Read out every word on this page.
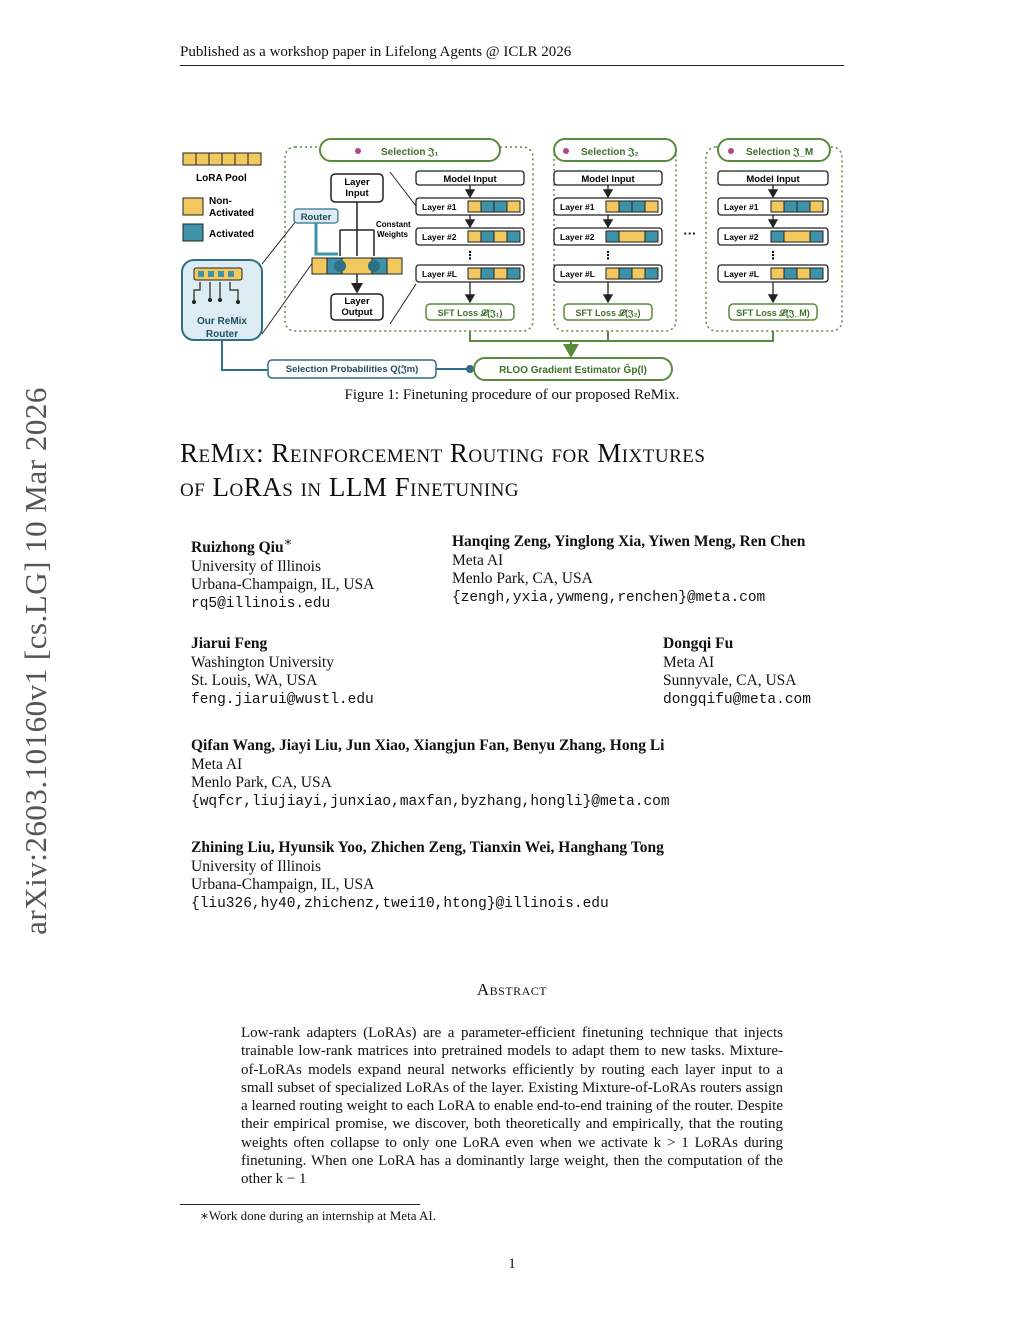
Published as a workshop paper in Lifelong Agents @ ICLR 2026
arXiv:2603.10160v1 [cs.LG] 10 Mar 2026
LoRA Pool
Non-
Activated
Activated
Our ReMix
Router
Selection 𝔍₁
Layer
Input
Router
Constant
Weights
Layer
Output
Model Input
Layer #1
Layer #2
⋮
Layer #L
SFT Loss 𝓛(𝔍₁)
Selection 𝔍₂
Model Input
Layer #1
Layer #2
⋮
Layer #L
SFT Loss 𝓛(𝔍₂)
···
Selection 𝔍_M
Model Input
Layer #1
Layer #2
⋮
Layer #L
SFT Loss 𝓛(𝔍_M)
Selection Probabilities Q(𝔍m)	RLOO Gradient Estimator Ĝp(l)
Figure 1: Finetuning procedure of our proposed ReMix.
ReMix: Reinforcement Routing for Mixtures
of LoRAs in LLM Finetuning
Ruizhong Qiu∗
University of Illinois
Urbana-Champaign, IL, USA
rq5@illinois.edu
Hanqing Zeng, Yinglong Xia, Yiwen Meng, Ren Chen
Meta AI
Menlo Park, CA, USA
{zengh,yxia,ywmeng,renchen}@meta.com
Jiarui Feng
Washington University
St. Louis, WA, USA
feng.jiarui@wustl.edu
Dongqi Fu
Meta AI
Sunnyvale, CA, USA
dongqifu@meta.com
Qifan Wang, Jiayi Liu, Jun Xiao, Xiangjun Fan, Benyu Zhang, Hong Li
Meta AI
Menlo Park, CA, USA
{wqfcr,liujiayi,junxiao,maxfan,byzhang,hongli}@meta.com
Zhining Liu, Hyunsik Yoo, Zhichen Zeng, Tianxin Wei, Hanghang Tong
University of Illinois
Urbana-Champaign, IL, USA
{liu326,hy40,zhichenz,twei10,htong}@illinois.edu
Abstract
Low-rank adapters (LoRAs) are a parameter-efficient finetuning technique that injects trainable low-rank matrices into pretrained models to adapt them to new tasks. Mixture-of-LoRAs models expand neural networks efficiently by routing each layer input to a small subset of specialized LoRAs of the layer. Existing Mixture-of-LoRAs routers assign a learned routing weight to each LoRA to enable end-to-end training of the router. Despite their empirical promise, we discover, both theoretically and empirically, that the routing weights often collapse to only one LoRA even when we activate k > 1 LoRAs during finetuning. When one LoRA has a dominantly large weight, then the computation of the other k − 1
∗Work done during an internship at Meta AI.
1
